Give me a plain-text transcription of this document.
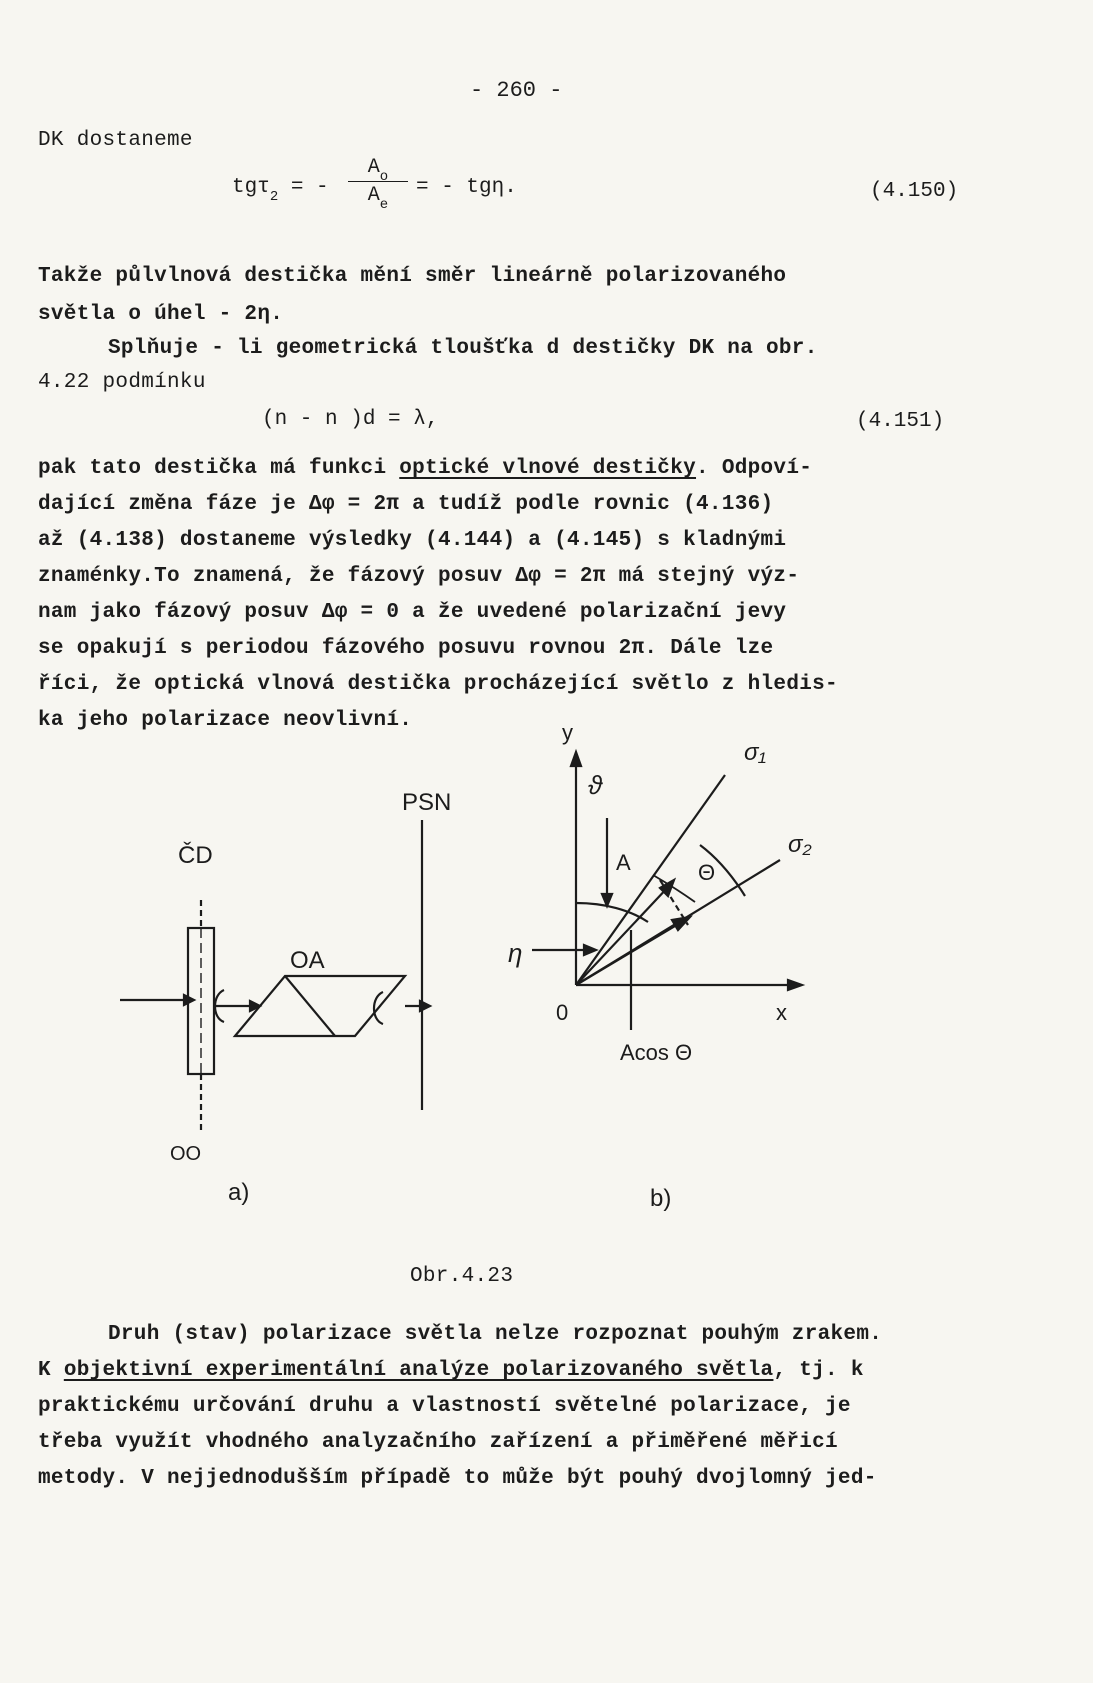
- 260 -
DK dostaneme
tgτ$_2$ = - $\frac{A_o}{A_e}$ = - tgη.	(4.150)
Takže půlvlnová destička mění směr lineárně polarizovaného
světla o úhel - 2η.
Splňuje - li geometrická tloušťka d destičky DK na obr.
4.22 podmínku
(n - n )d = λ,	(4.151)
pak tato destička má funkci optické vlnové destičky. Odpoví-
dající změna fáze je Δφ = 2π a tudíž podle rovnic (4.136)
až (4.138) dostaneme výsledky (4.144) a (4.145) s kladnými
znaménky.To znamená, že fázový posuv Δφ = 2π má stejný výz-
nam jako fázový posuv Δφ = 0 a že uvedené polarizační jevy
se opakují s periodou fázového posuvu rovnou 2π. Dále lze
říci, že optická vlnová destička procházející světlo z hledis-
ka jeho polarizace neovlivní.
ČD
OO
OA
PSN
a)
y
x
0
ϑ
A	Θ
η
Acos Θ
σ₁
σ₂
b)
Obr.4.23
Druh (stav) polarizace světla nelze rozpoznat pouhým zrakem.
K objektivní experimentální analýze polarizovaného světla, tj. k
praktickému určování druhu a vlastností světelné polarizace, je
třeba využít vhodného analyzačního zařízení a přiměřené měřicí
metody. V nejjednodušším případě to může být pouhý dvojlomný jed-
